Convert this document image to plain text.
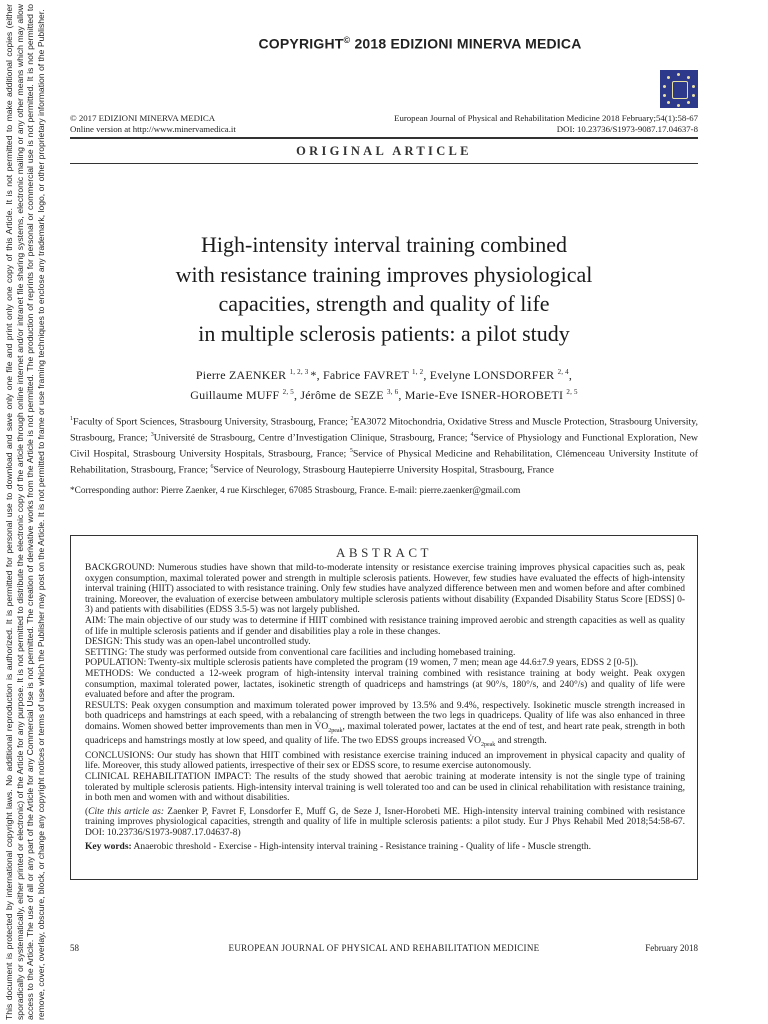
This document is protected by international copyright laws. No additional reproduction is authorized. It is permitted for personal use to download and save only one file and print only one copy of this Article. It is not permitted to make additional copies (either sporadically or systematically, either printed or electronic) of the Article for any purpose. It is not permitted to distribute the electronic copy of the article through online internet and/or intranet file sharing systems, electronic mailing or any other means which may allow access to the Article. The use of all or any part of the Article for any Commercial Use is not permitted. The creation of derivative works from the Article is not permitted. The production of reprints for personal or commercial use is not permitted. It is not permitted to remove, cover, overlay, obscure, block, or change any copyright notices or terms of use which the Publisher may post on the Article. It is not permitted to frame or use framing techniques to enclose any trademark, logo, or other proprietary information of the Publisher.	COPYRIGHT© 2018 EDIZIONI MINERVA MEDICA
© 2017 EDIZIONI MINERVA MEDICA
Online version at http://www.minervamedica.it
European Journal of Physical and Rehabilitation Medicine 2018 February;54(1):58-67
DOI: 10.23736/S1973-9087.17.04637-8
ORIGINAL ARTICLE
High-intensity interval training combined
with resistance training improves physiological
capacities, strength and quality of life
in multiple sclerosis patients: a pilot study
Pierre ZAENKER $^{1, 2, 3}$ *, Fabrice FAVRET $^{1, 2}$, Evelyne LONSDORFER $^{2, 4}$,
Guillaume MUFF $^{2, 5}$, Jérôme de SEZE $^{3, 6}$, Marie-Eve ISNER-HOROBETI $^{2, 5}$
$^1$Faculty of Sport Sciences, Strasbourg University, Strasbourg, France; $^2$EA3072 Mitochondria, Oxidative Stress and Muscle Protection, Strasbourg University, Strasbourg, France; $^3$Université de Strasbourg, Centre d’Investigation Clinique, Strasbourg, France; $^4$Service of Physiology and Functional Exploration, New Civil Hospital, Strasbourg University Hospitals, Strasbourg, France; $^5$Service of Physical Medicine and Rehabilitation, Clémenceau University Institute of Rehabilitation, Strasbourg, France; $^6$Service of Neurology, Strasbourg Hautepierre University Hospital, Strasbourg, France
*Corresponding author: Pierre Zaenker, 4 rue Kirschleger, 67085 Strasbourg, France. E-mail: pierre.zaenker@gmail.com
ABSTRACT

BACKGROUND: Numerous studies have shown that mild-to-moderate intensity or resistance exercise training improves physical capacities such as, peak oxygen consumption, maximal tolerated power and strength in multiple sclerosis patients. However, few studies have evaluated the effects of high-intensity interval training (HIIT) associated to with resistance training. Only few studies have analyzed difference between men and women before and after combined training. Moreover, the evaluation of exercise between ambulatory multiple sclerosis patients without disability (Expanded Disability Status Score [EDSS] 0-3) and patients with disabilities (EDSS 3.5-5) was not largely published.

AIM: The main objective of our study was to determine if HIIT combined with resistance training improved aerobic and strength capacities as well as quality of life in multiple sclerosis patients and if gender and disabilities play a role in these changes.

DESIGN: This study was an open-label uncontrolled study.

SETTING: The study was performed outside from conventional care facilities and including homebased training.

POPULATION: Twenty-six multiple sclerosis patients have completed the program (19 women, 7 men; mean age 44.6±7.9 years, EDSS 2 [0-5]).

METHODS: We conducted a 12-week program of high-intensity interval training combined with resistance training at body weight. Peak oxygen consumption, maximal tolerated power, lactates, isokinetic strength of quadriceps and hamstrings (at 90°/s, 180°/s, and 240°/s) and quality of life were evaluated before and after the program.

RESULTS: Peak oxygen consumption and maximum tolerated power improved by 13.5% and 9.4%, respectively. Isokinetic muscle strength increased in both quadriceps and hamstrings at each speed, with a rebalancing of strength between the two legs in quadriceps. Quality of life was also enhanced in three domains. Women showed better improvements than men in $V̇O_{2peak}$, maximal tolerated power, lactates at the end of test, and heart rate peak, strength in both quadriceps and hamstrings mostly at low speed, and quality of life. The two EDSS groups increased $V̇O_{2peak}$ and strength.

CONCLUSIONS: Our study has shown that HIIT combined with resistance exercise training induced an improvement in physical capacity and quality of life. Moreover, this study allowed patients, irrespective of their sex or EDSS score, to resume exercise autonomously.

CLINICAL REHABILITATION IMPACT: The results of the study showed that aerobic training at moderate intensity is not the single type of training tolerated by multiple sclerosis patients. High-intensity interval training is well tolerated too and can be used in clinical rehabilitation with resistance training, in both men and women with and without disabilities.

(Cite this article as: Zaenker P, Favret F, Lonsdorfer E, Muff G, de Seze J, Isner-Horobeti ME. High-intensity interval training combined with resistance training improves physiological capacities, strength and quality of life in multiple sclerosis patients: a pilot study. Eur J Phys Rehabil Med 2018;54:58-67. DOI: 10.23736/S1973-9087.17.04637-8)

Key words: Anaerobic threshold - Exercise - High-intensity interval training - Resistance training - Quality of life - Muscle strength.

58	EUROPEAN JOURNAL OF PHYSICAL AND REHABILITATION MEDICINE	February 2018
